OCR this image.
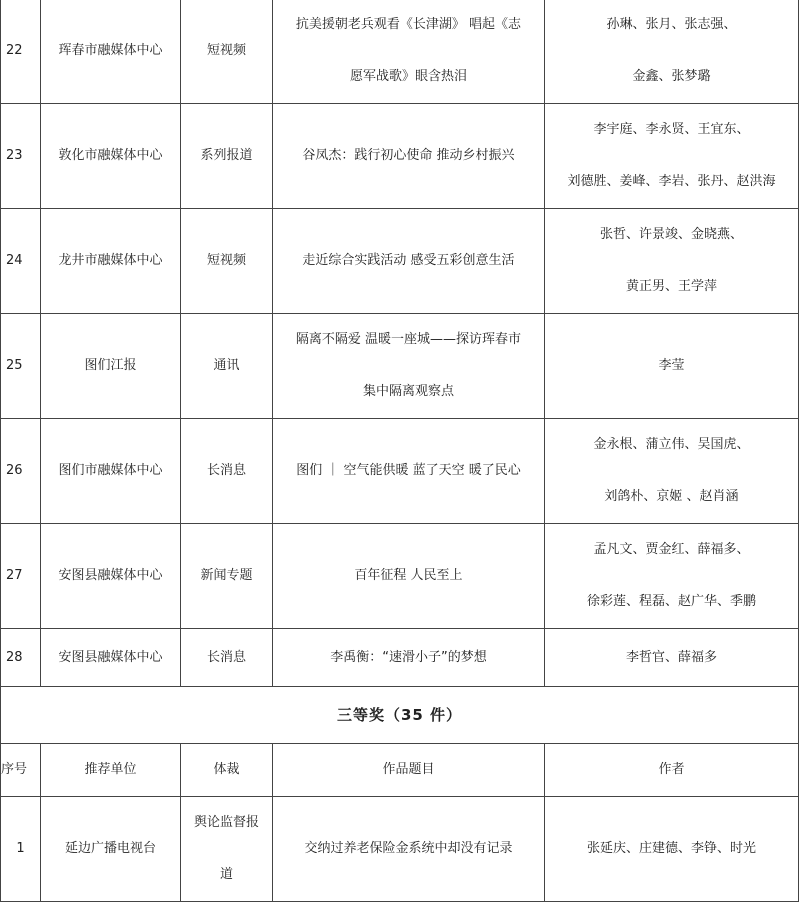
22	珲春市融媒体中心	短视频	抗美援朝老兵观看《长津湖》 唱起《志
愿军战歌》眼含热泪	孙琳、张月、张志强、
金鑫、张梦璐

23	敦化市融媒体中心	系列报道	谷凤杰：践行初心使命 推动乡村振兴	李宇庭、李永贤、王宜东、
刘德胜、姜峰、李岩、张丹、赵洪海

24	龙井市融媒体中心	短视频	走近综合实践活动 感受五彩创意生活	张哲、许景竣、金晓燕、
黄正男、王学萍

25	图们江报	通讯	隔离不隔爱 温暖一座城——探访珲春市
集中隔离观察点	李莹
26	图们市融媒体中心	长消息	图们 ｜ 空气能供暖 蓝了天空 暖了民心	金永根、蒲立伟、吴国虎、
刘鸽朴、京姬 、赵肖涵

27	安图县融媒体中心	新闻专题	百年征程 人民至上	孟凡文、贾金红、薛福多、
徐彩莲、程磊、赵广华、季鹏

28	安图县融媒体中心	长消息	李禹衡：“速滑小子”的梦想	李哲官、薛福多
三等奖（35 件）				
序号	推荐单位	体裁	作品题目	作者
1	延边广播电视台	舆论监督报
道	交纳过养老保险金系统中却没有记录	张延庆、庄建德、李铮、时光
